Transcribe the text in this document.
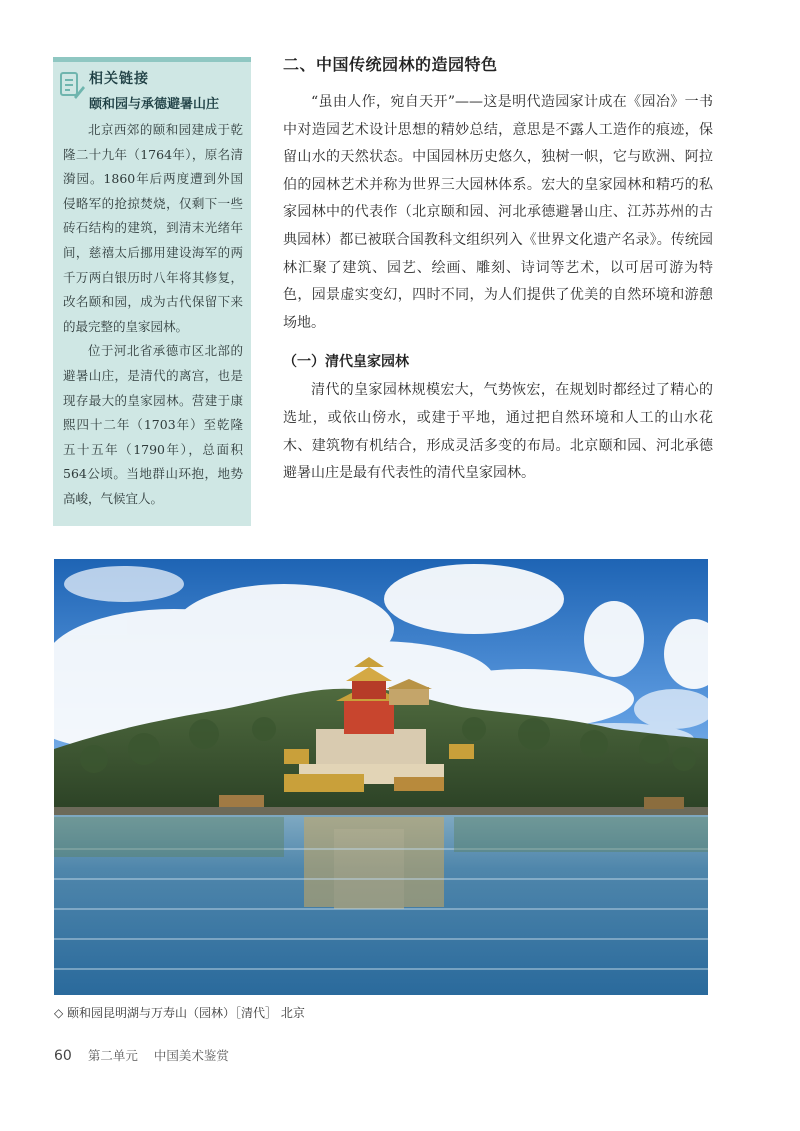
相关链接
颐和园与承德避暑山庄

北京西郊的颐和园建成于乾隆二十九年（1764年），原名清漪园。1860年后两度遭到外国侵略军的抢掠焚烧，仅剩下一些砖石结构的建筑，到清末光绪年间，慈禧太后挪用建设海军的两千万两白银历时八年将其修复，改名颐和园，成为古代保留下来的最完整的皇家园林。

位于河北省承德市区北部的避暑山庄，是清代的离宫，也是现存最大的皇家园林。营建于康熙四十二年（1703年）至乾隆五十五年（1790年），总面积564公顷。当地群山环抱，地势高峻，气候宜人。

二、中国传统园林的造园特色

“虽由人作，宛自天开”——这是明代造园家计成在《园冶》一书中对造园艺术设计思想的精妙总结，意思是不露人工造作的痕迹，保留山水的天然状态。中国园林历史悠久，独树一帜，它与欧洲、阿拉伯的园林艺术并称为世界三大园林体系。宏大的皇家园林和精巧的私家园林中的代表作（北京颐和园、河北承德避暑山庄、江苏苏州的古典园林）都已被联合国教科文组织列入《世界文化遗产名录》。传统园林汇聚了建筑、园艺、绘画、雕刻、诗词等艺术，以可居可游为特色，园景虚实变幻，四时不同，为人们提供了优美的自然环境和游憩场地。

（一）清代皇家园林

清代的皇家园林规模宏大，气势恢宏，在规划时都经过了精心的选址，或依山傍水，或建于平地，通过把自然环境和人工的山水花木、建筑物有机结合，形成灵活多变的布局。北京颐和园、河北承德避暑山庄是最有代表性的清代皇家园林。

◇ 颐和园昆明湖与万寿山（园林）［清代］ 北京
60 第二单元 中国美术鉴赏
